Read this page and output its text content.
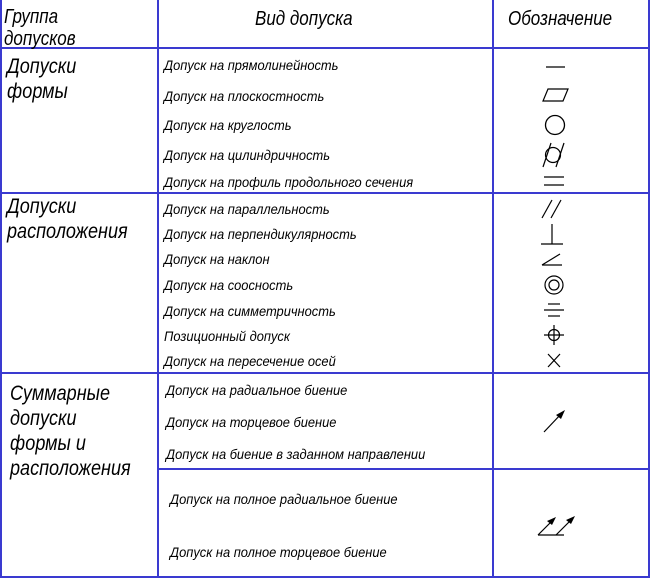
Группа
допусков
Вид допуска	Обозначение
Допуски
формы
Допуски
расположения
Суммарные
допуски
формы и
расположения
Допуск на прямолинейность
Допуск на плоскостность
Допуск на круглость
Допуск на цилиндричность
Допуск на профиль продольного сечения
Допуск на параллельность
Допуск на перпендикулярность
Допуск на наклон
Допуск на соосность
Допуск на симметричность
Позиционный допуск
Допуск на пересечение осей
Допуск на радиальное биение
Допуск на торцевое биение
Допуск на биение в заданном направлении
Допуск на полное радиальное биение
Допуск на полное торцевое биение
